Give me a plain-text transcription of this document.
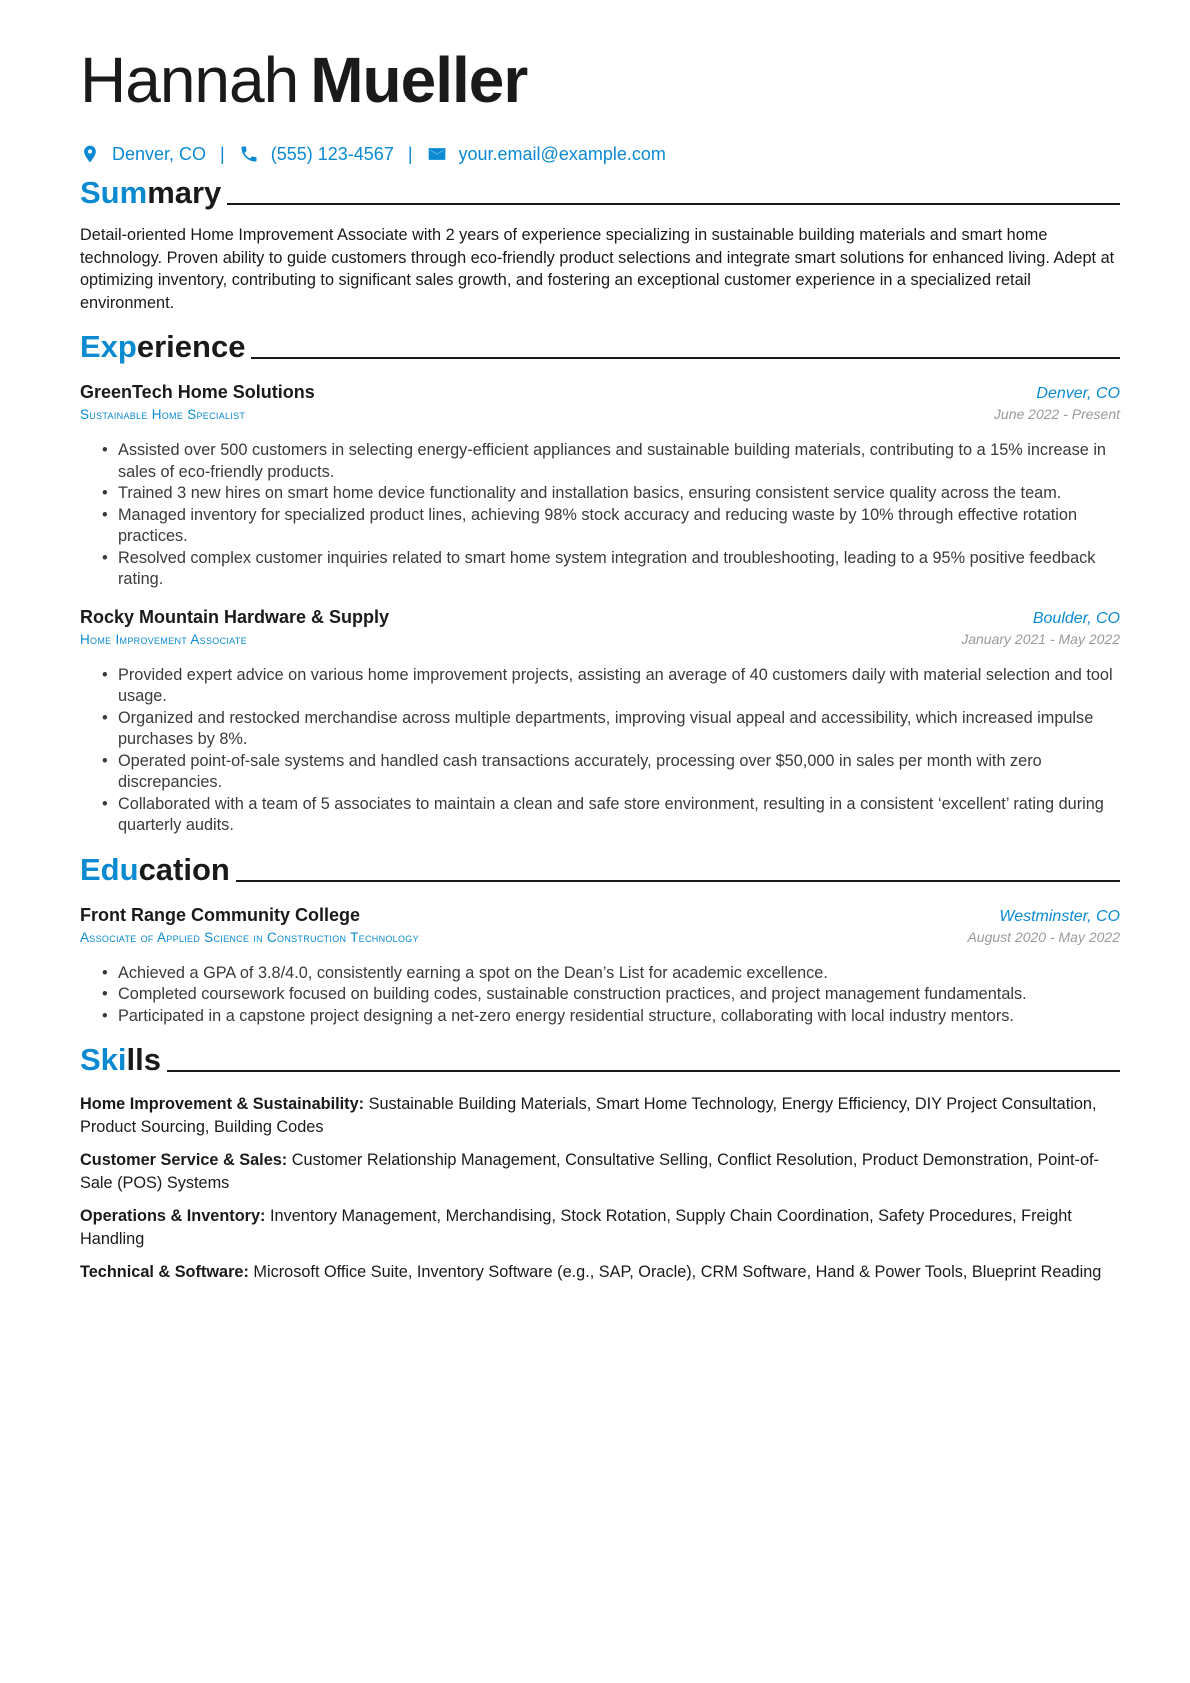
Hannah Mueller
Denver, CO |	(555) 123-4567 |	your.email@example.com
Summary

Detail-oriented Home Improvement Associate with 2 years of experience specializing in sustainable building materials and smart home technology. Proven ability to guide customers through eco-friendly product selections and integrate smart solutions for enhanced living. Adept at optimizing inventory, contributing to significant sales growth, and fostering an exceptional customer experience in a specialized retail environment.

Experience
GreenTech Home Solutions	Denver, CO
Sustainable Home Specialist	June 2022 - Present
• Assisted over 500 customers in selecting energy-efficient appliances and sustainable building materials, contributing to a 15% increase in sales of eco-friendly products.
• Trained 3 new hires on smart home device functionality and installation basics, ensuring consistent service quality across the team.
• Managed inventory for specialized product lines, achieving 98% stock accuracy and reducing waste by 10% through effective rotation practices.
• Resolved complex customer inquiries related to smart home system integration and troubleshooting, leading to a 95% positive feedback rating.
Rocky Mountain Hardware & Supply	Boulder, CO
Home Improvement Associate	January 2021 - May 2022
• Provided expert advice on various home improvement projects, assisting an average of 40 customers daily with material selection and tool usage.
• Organized and restocked merchandise across multiple departments, improving visual appeal and accessibility, which increased impulse purchases by 8%.
• Operated point-of-sale systems and handled cash transactions accurately, processing over $50,000 in sales per month with zero discrepancies.
• Collaborated with a team of 5 associates to maintain a clean and safe store environment, resulting in a consistent ‘excellent’ rating during quarterly audits.
Education
Front Range Community College	Westminster, CO
Associate of Applied Science in Construction Technology	August 2020 - May 2022
• Achieved a GPA of 3.8/4.0, consistently earning a spot on the Dean’s List for academic excellence.
• Completed coursework focused on building codes, sustainable construction practices, and project management fundamentals.
• Participated in a capstone project designing a net-zero energy residential structure, collaborating with local industry mentors.
Skills
Home Improvement & Sustainability: Sustainable Building Materials, Smart Home Technology, Energy Efficiency, DIY Project Consultation, Product Sourcing, Building Codes
Customer Service & Sales: Customer Relationship Management, Consultative Selling, Conflict Resolution, Product Demonstration, Point-of-Sale (POS) Systems
Operations & Inventory: Inventory Management, Merchandising, Stock Rotation, Supply Chain Coordination, Safety Procedures, Freight Handling
Technical & Software: Microsoft Office Suite, Inventory Software (e.g., SAP, Oracle), CRM Software, Hand & Power Tools, Blueprint Reading
